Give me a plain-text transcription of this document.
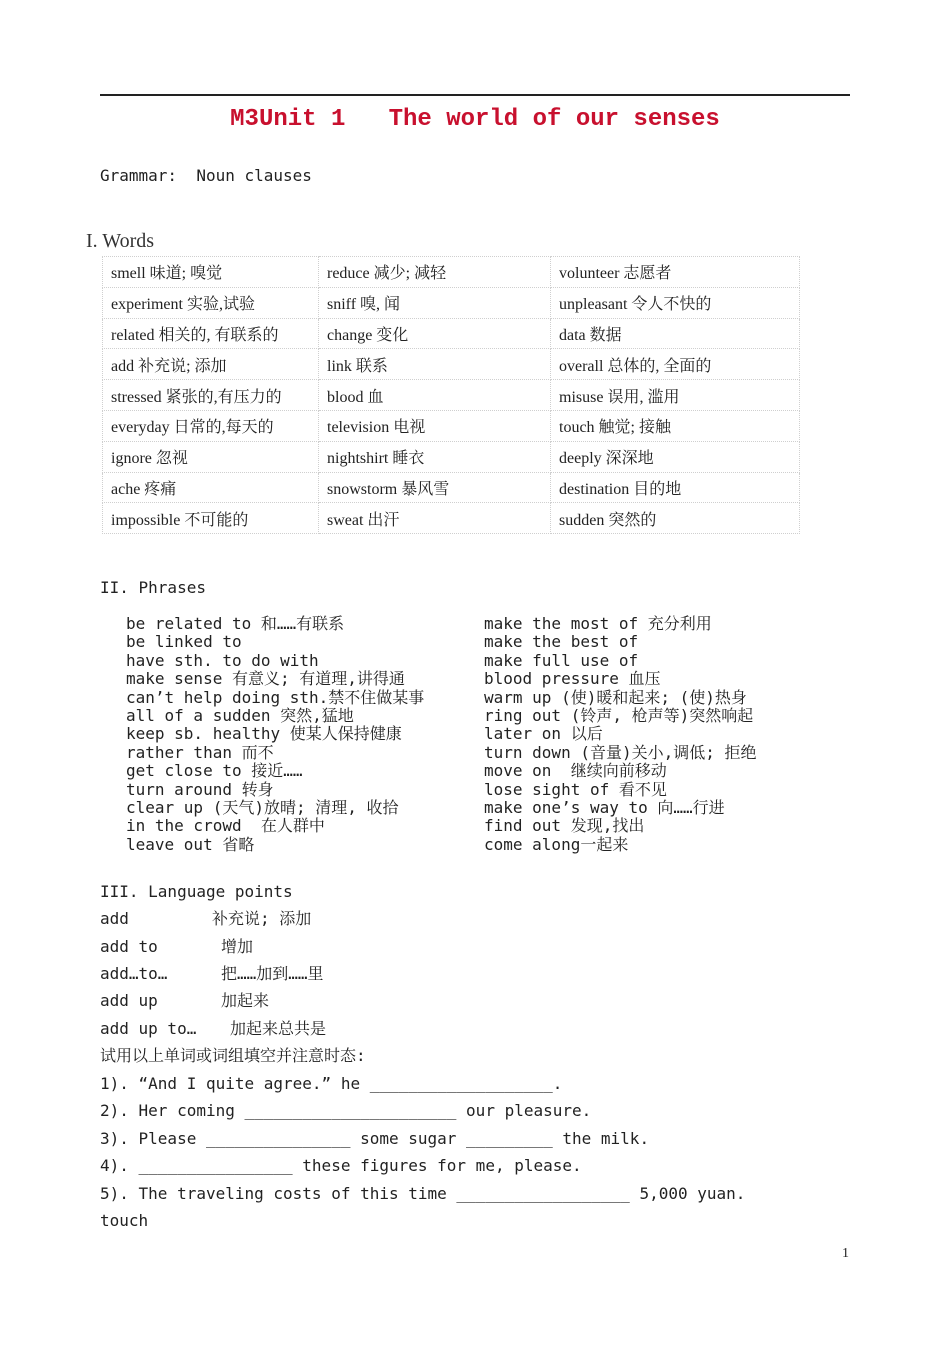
M3Unit 1   The world of our senses
Grammar:  Noun clauses
I. Words
smell 味道; 嗅觉	reduce 减少; 减轻	volunteer 志愿者
experiment 实验,试验	sniff 嗅, 闻	unpleasant 令人不快的
related 相关的, 有联系的	change 变化	data 数据
add 补充说; 添加	link 联系	overall 总体的, 全面的
stressed 紧张的,有压力的	blood 血	misuse 误用, 滥用
everyday 日常的,每天的	television 电视	touch 触觉; 接触
ignore 忽视	nightshirt 睡衣	deeply 深深地
ache 疼痛	snowstorm 暴风雪	destination 目的地
impossible 不可能的	sweat 出汗	sudden 突然的
II. Phrases
be related to 和……有联系
be linked to
have sth. to do with
make sense 有意义; 有道理,讲得通
can’t help doing sth.禁不住做某事
all of a sudden 突然,猛地
keep sb. healthy 使某人保持健康
rather than 而不
get close to 接近……
turn around 转身
clear up (天气)放晴; 清理, 收拾
in the crowd  在人群中
leave out 省略
make the most of 充分利用
make the best of
make full use of
blood pressure 血压
warm up (使)暖和起来; (使)热身
ring out (铃声, 枪声等)突然响起
later on 以后
turn down (音量)关小,调低; 拒绝
move on  继续向前移动
lose sight of 看不见
make one’s way to 向……行进
find out 发现,找出
come along一起来
III. Language points
add	补充说; 添加
add to	增加
add…to…	把……加到……里
add up	加起来
add up to… 加起来总共是
试用以上单词或词组填空并注意时态:
1). “And I quite agree.” he ___________________.
2). Her coming ______________________ our pleasure.
3). Please _______________ some sugar _________ the milk.
4). ________________ these figures for me, please.
5). The traveling costs of this time __________________ 5,000 yuan.
touch
1
